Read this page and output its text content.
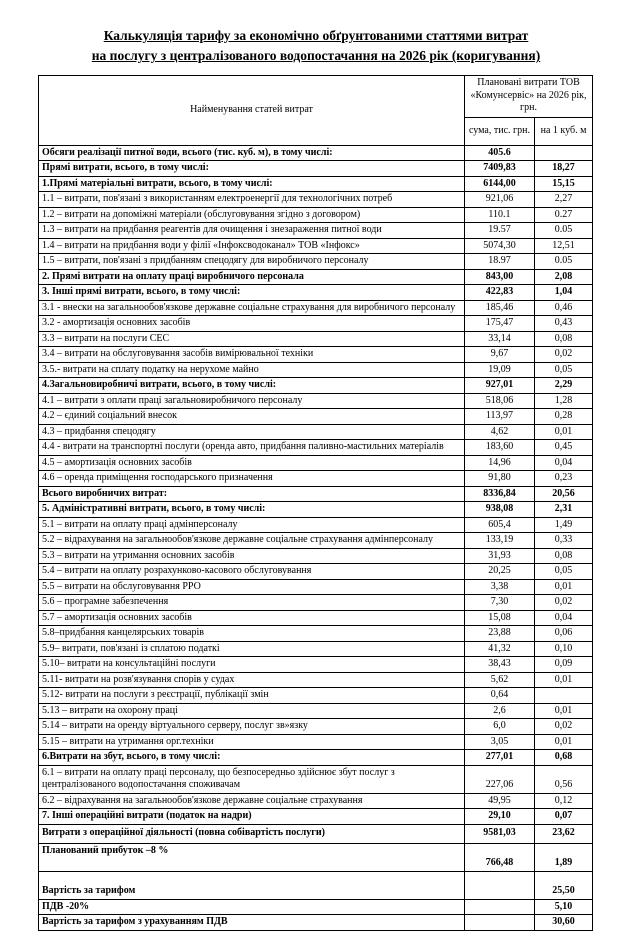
Калькуляція тарифу за економічно обґрунтованими статтями витрат
на послугу з централізованого водопостачання на 2026 рік (коригування)
Найменування статей витрат	Плановані витрати ТОВ «Комунсервіс» на 2026 рік, грн.	
	сума, тис. грн.	на 1 куб. м
Обсяги реалізації питної води, всього (тис. куб. м), в тому числі:	405.6	
Прямі витрати, всього, в тому числі:	7409,83	18,27
1.Прямі матеріальні витрати, всього, в тому числі:	6144,00	15,15
1.1 – витрати, пов'язані з використанням електроенергії для технологічних потреб	921,06	2,27
1.2 – витрати на допоміжні матеріали (обслуговування згідно з договором)	110.1	0.27
1.3 – витрати на придбання реагентів для очищення і знезараження питної води	19.57	0.05
1.4 – витрати на придбання води у філії «Інфоксводоканал» ТОВ «Інфокс»	5074,30	12,51
1.5 – витрати, пов'язані з придбанням спецодягу для виробничого персоналу	18.97	0.05
2. Прямі витрати на оплату праці виробничого персонала	843,00	2,08
3. Інші прямі витрати, всього, в тому числі:	422,83	1,04
3.1 - внески на загальнообов'язкове державне соціальне страхування для виробничого персоналу	185,46	0,46
3.2 - амортизація основних засобів	175,47	0,43
3.3 – витрати на послуги СЕС	33,14	0,08
3.4 – витрати на обслуговування засобів вимірювальної техніки	9,67	0,02
3.5.- витрати на сплату податку на нерухоме майно	19,09	0,05
4.Загальновиробничі витрати, всього, в тому числі:	927,01	2,29
4.1 – витрати з оплати праці загальновиробничого персоналу	518,06	1,28
4.2 – єдиний соціальний внесок	113,97	0,28
4.3 – придбання спецодягу	4,62	0,01
4.4 - витрати на транспортні послуги (оренда авто, придбання паливно-мастильних матеріалів	183,60	0,45
4.5 – амортизація основних засобів	14,96	0,04
4.6 – оренда приміщення господарського призначення	91,80	0,23
Всього виробничих витрат:	8336,84	20,56
5. Адміністративні витрати, всього, в тому числі:	938,08	2,31
5.1 – витрати на оплату праці адмінперсоналу	605,4	1,49
5.2 – відрахування на загальнообов'язкове державне соціальне страхування адмінперсоналу	133,19	0,33
5.3 – витрати на утримання основних засобів	31,93	0,08
5.4 – витрати на оплату розрахунково-касового обслуговування	20,25	0,05
5.5 – витрати на обслуговування РРО	3,38	0,01
5.6 – програмне забезпечення	7,30	0,02
5.7 – амортизація основних засобів	15,08	0,04
5.8–придбання канцелярських товарів	23,88	0,06
5.9– витрати, пов'язані із сплатою податкі	41,32	0,10
5.10– витрати на консультаційні послуги	38,43	0,09
5.11- витрати на розв'язування спорів у судах	5,62	0,01
5.12- витрати на послуги з реєстрації, публікації змін	0,64	
5.13 – витрати на охорону праці	2,6	0,01
5.14 – витрати на оренду віртуального серверу, послуг зв»язку	6,0	0,02
5.15 – витрати на утримання орг.техніки	3,05	0,01
6.Витрати на збут, всього, в тому числі:	277,01	0,68
6.1 – витрати на оплату праці персоналу, що безпосередньо здійснює збут послуг з централізованого водопостачання споживачам	227,06	0,56
6.2 – відрахування на загальнообов'язкове державне соціальне страхування	49,95	0,12
7. Інші операційні витрати (податок на надри)	29,10	0,07
Витрати з операційної діяльності (повна собівартість послуги)	9581,03	23,62
Планований прибуток –8 %	766,48	1,89
Вартість за тарифом		25,50
ПДВ -20%		5,10
Вартість за тарифом з урахуванням ПДВ		30,60
